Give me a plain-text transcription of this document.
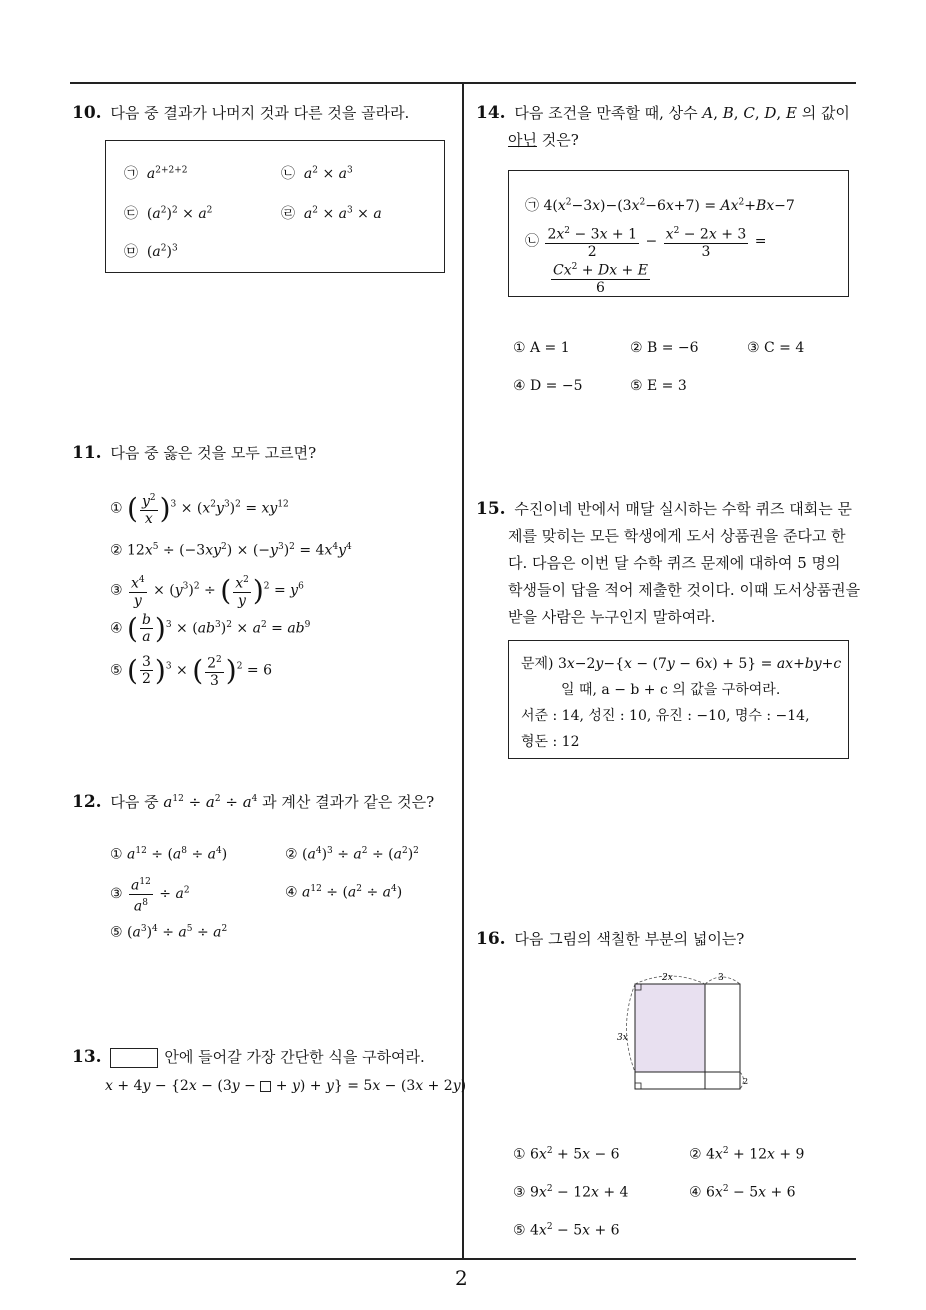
2
10. 다음 중 결과가 나머지 것과 다른 것을 골라라.
㉠ $a^{2+2+2}$	㉡ $a^2 \times a^3$
㉢  $(a^2)^2 \times a^2$	㉣ $a^2 \times a^3 \times a$
㉤  $(a^2)^3$
11. 다음 중 옳은 것을 모두 고르면?
① ( $\frac{y^2}{x} )^3 \times (x^2y^3)^2 = xy^{12}$
② $12x^5 \div (-3xy^2) \times (-y^3)^2 = 4x^4y^4$
③ $\frac{x^4}{y} \times (y^3)^2$ ÷ ( $\frac{x^2}{y} )^2 = y^6$
④ ( $\frac{b}{a} )^3 \times (ab^3)^2 \times a^2 = ab^9$
⑤ ( $\frac{3}{2} )^3$ × ( $\frac{2^2}{3} )^2 = 6$
12. 다음 중 $a^{12} \div a^2 \div a^4$ 과 계산 결과가 같은 것은?
① $a^{12} \div (a^8 \div a^4)$	② $(a^4)^3 \div a^2 \div (a^2)^2$
③ $\frac{a^{12}}{a^8} \div a^2$	④ $a^{12} \div (a^2 \div a^4)$
⑤ $(a^3)^4 \div a^5 \div a^2$
13.	안에 들어갈 가장 간단한 식을 구하여라.
x + 4y − {2x − (3y −  + y) + y} = 5x − (3x + 2y)
14. 다음 조건을 만족할 때, 상수 A, B, C, D, E 의 값이
아닌 것은?
㉠ $4(x^2-3x)-(3x^2-6x+7) = Ax^2+Bx-7$
㉡ $\frac{2x^2 - 3x + 1}{2} - \frac{x^2 - 2x + 3}{3}$ =
$\frac{Cx^2 + Dx + E}{6}$
① A = 1	② B = −6	③ C = 4
④ D = −5	⑤ E = 3
15. 수진이네 반에서 매달 실시하는 수학 퀴즈 대회는 문
제를 맞히는 모든 학생에게 도서 상품권을 준다고 한
다. 다음은 이번 달 수학 퀴즈 문제에 대하여 5 명의
학생들이 답을 적어 제출한 것이다. 이때 도서상품권을
받을 사람은 누구인지 말하여라.
문제) 3x−2y−{x − (7y − 6x) + 5} = ax+by+c
일 때, a − b + c 의 값을 구하여라.
서준 : 14, 성진 : 10, 유진 : −10, 명수 : −14,
형돈 : 12
16. 다음 그림의 색칠한 부분의 넓이는?
2x	3
3x
2
① $6x^2 + 5x - 6$	② $4x^2 + 12x + 9$
③ $9x^2 - 12x + 4$	④ $6x^2 - 5x + 6$
⑤ $4x^2 - 5x + 6$
